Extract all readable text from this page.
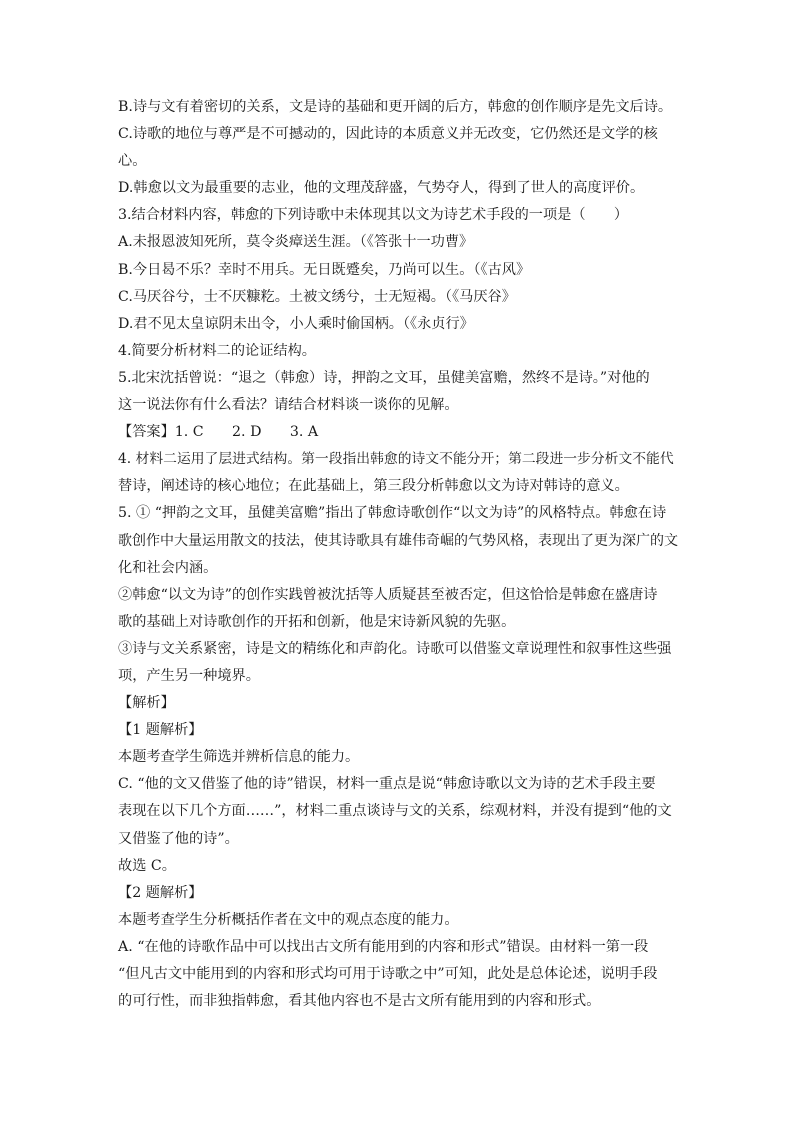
B.诗与文有着密切的关系，文是诗的基础和更开阔的后方，韩愈的创作顺序是先文后诗。
C.诗歌的地位与尊严是不可撼动的，因此诗的本质意义并无改变，它仍然还是文学的核
心。
D.韩愈以文为最重要的志业，他的文理茂辞盛，气势夺人，得到了世人的高度评价。
3.结合材料内容，韩愈的下列诗歌中未体现其以文为诗艺术手段的一项是（　　）
A.未报恩波知死所，莫令炎瘴送生涯。（《答张十一功曹》
B.今日曷不乐？幸时不用兵。无日既蹙矣，乃尚可以生。（《古风》
C.马厌谷兮，士不厌糠籺。土被文绣兮，士无短褐。（《马厌谷》
D.君不见太皇谅阴未出令，小人乘时偷国柄。（《永贞行》
4.简要分析材料二的论证结构。
5.北宋沈括曾说：“退之（韩愈）诗，押韵之文耳，虽健美富赡，然终不是诗。”对他的
这一说法你有什么看法？请结合材料谈一谈你的见解。
【答案】1. C　　2. D　　3. A
4. 材料二运用了层进式结构。第一段指出韩愈的诗文不能分开；第二段进一步分析文不能代
替诗，阐述诗的核心地位；在此基础上，第三段分析韩愈以文为诗对韩诗的意义。
5. ① “押韵之文耳，虽健美富赡”指出了韩愈诗歌创作“以文为诗”的风格特点。韩愈在诗
歌创作中大量运用散文的技法，使其诗歌具有雄伟奇崛的气势风格，表现出了更为深广的文
化和社会内涵。
②韩愈“以文为诗”的创作实践曾被沈括等人质疑甚至被否定，但这恰恰是韩愈在盛唐诗
歌的基础上对诗歌创作的开拓和创新，他是宋诗新风貌的先驱。
③诗与文关系紧密，诗是文的精练化和声韵化。诗歌可以借鉴文章说理性和叙事性这些强
项，产生另一种境界。
【解析】
【1 题解析】
本题考查学生筛选并辨析信息的能力。
C. “他的文又借鉴了他的诗”错误，材料一重点是说“韩愈诗歌以文为诗的艺术手段主要
表现在以下几个方面……”，材料二重点谈诗与文的关系，综观材料，并没有提到“他的文
又借鉴了他的诗”。
故选 C。
【2 题解析】
本题考查学生分析概括作者在文中的观点态度的能力。
A. “在他的诗歌作品中可以找出古文所有能用到的内容和形式”错误。由材料一第一段
“但凡古文中能用到的内容和形式均可用于诗歌之中”可知，此处是总体论述，说明手段
的可行性，而非独指韩愈，看其他内容也不是古文所有能用到的内容和形式。
